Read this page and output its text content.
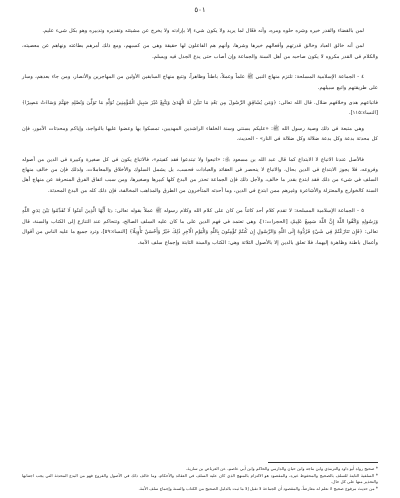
٥٠١

لمن بالقضاء والقدر خيره وشره حلوه ومره، وأنه فعّال لما يريد ولا يكون شيء إلا بإرادته ولا يخرج عن مشيئته وتقديره وتدبيره وهو بكل شيء عليم.

لمن أنه خالق العباد وخالق قدرتهم وأفعالهم خيرها وشرها، وأنهم هم الفاعلون لها حقيقة وهي من كسبهم، ومع ذلك أمرهم بطاعته ونهاهم عن معصيته، والكلام في القدر مكروه لا يكون صاحبه من أهل السنة والجماعة وإن أصاب حتى يدع الجدل فيه ويسلم.

٤ - الجماعة الإسلامية المسلحة: تلتزم منهاج النبي ﷺ علماً وعملاً، باطناً وظاهراً، وتتبع منهاج السابقين الأولين من المهاجرين والأنصار، ومن جاء بعدهم، وسار على طريقتهم واتبع سبيلهم.

فاتباعهم هدى وخلافهم ضلال. قال الله تعالى: ﴿وَمَن يُشَاقِقِ الرَّسُولَ مِن بَعْدِ مَا تَبَيَّنَ لَهُ الْهُدَىٰ وَيَتَّبِعْ غَيْرَ سَبِيلِ الْمُؤْمِنِينَ نُوَلِّهِ مَا تَوَلَّىٰ وَنُصْلِهِ جَهَنَّمَ وَسَاءَتْ مَصِيرًا﴾ [النساء:١١٥].

وهي متبعة في ذلك وصية رسول الله ﷺ: «عليكم بسنتي وسنة الخلفاء الراشدين المهديين، تمسكوا بها وعضوا عليها بالنواجذ، وإياكم ومحدثات الأمور، فإن كل محدثة بدعة وكل بدعة ضلالة وكل ضلالة في النار» - الحديث.

فالأصل عندنا الاتباع لا الابتداع كما قال عبد الله بن مسعود ﵁: «اتبعوا ولا تبتدعوا فقد كفيتم»، فالاتباع يكون في كل صغيرة وكبيرة في الدين من أصوله وفروعه، فلا يجوز الابتداع في الدين بحال، والاتباع لا ينحصر في العقائد والعبادات فحسب، بل يشمل السلوك والأخلاق والمعاملات، ولذلك فإن من خالف منهاج السلف في شيء من ذلك فقد ابتدع بقدر ما خالف، ولأجل ذلك فإن الجماعة تحذر من البدع كلها كبيرها وصغيرها، ومن سبب اتفاق الفرق المنحرفة عن منهاج أهل السنة كالخوارج والمعتزلة والأشاعرة وغيرهم ممن ابتدع في الدين، وما أحدثه المتأخرون من الطرق والمذاهب المخالفة، فإن ذلك كله من البدع المحدثة.

٥ - الجماعة الإسلامية المسلحة: لا تقدم كلام أحد كائناً من كان على كلام الله وكلام رسوله ﷺ عملاً بقوله تعالى: ﴿يَا أَيُّهَا الَّذِينَ آمَنُوا لَا تُقَدِّمُوا بَيْنَ يَدَيِ اللَّهِ وَرَسُولِهِ وَاتَّقُوا اللَّهَ إِنَّ اللَّهَ سَمِيعٌ عَلِيمٌ﴾ [الحجرات:١]، وهي تعتمد في فهم الدين على ما كان عليه السلف الصالح، وتتحاكم عند التنازع إلى الكتاب والسنة، قال تعالى: ﴿فَإِن تَنَازَعْتُمْ فِي شَيْءٍ فَرُدُّوهُ إِلَى اللَّهِ وَالرَّسُولِ إِن كُنتُمْ تُؤْمِنُونَ بِاللَّهِ وَالْيَوْمِ الْآخِرِ ذَٰلِكَ خَيْرٌ وَأَحْسَنُ تَأْوِيلًا﴾ [النساء:٥٩]، وترد جميع ما عليه الناس من أقوال وأعمال باطنة وظاهرة إليهما، فلا تعلق بالدين إلا بالأصول الثلاثة وهي: الكتاب والسنة الثابتة وإجماع سلف الأمة.

* صحيح رواه أبو داود والترمذي وابن ماجه وابن حبان والدارمي والحاكم وابن أبي عاصم، عن العرباض بن سارية.

* السلفية الثابتة للسلف بالصحيح والمحفوظ غيره، والمقصود هو الالتزام بالمنهج الذي كان عليه السلف في العقائد والأحكام، وما خالف ذلك في الأصول والفروع فهو من البدع المحدثة التي يجب اجتنابها والتحذير منها على كل حال.

* من حديث مرفوع صحيح لا نعلم له معارضاً، والمقصود أن الجماعة لا تقبل إلا ما ثبت بالدليل الصحيح من الكتاب والسنة وإجماع سلف الأمة.
